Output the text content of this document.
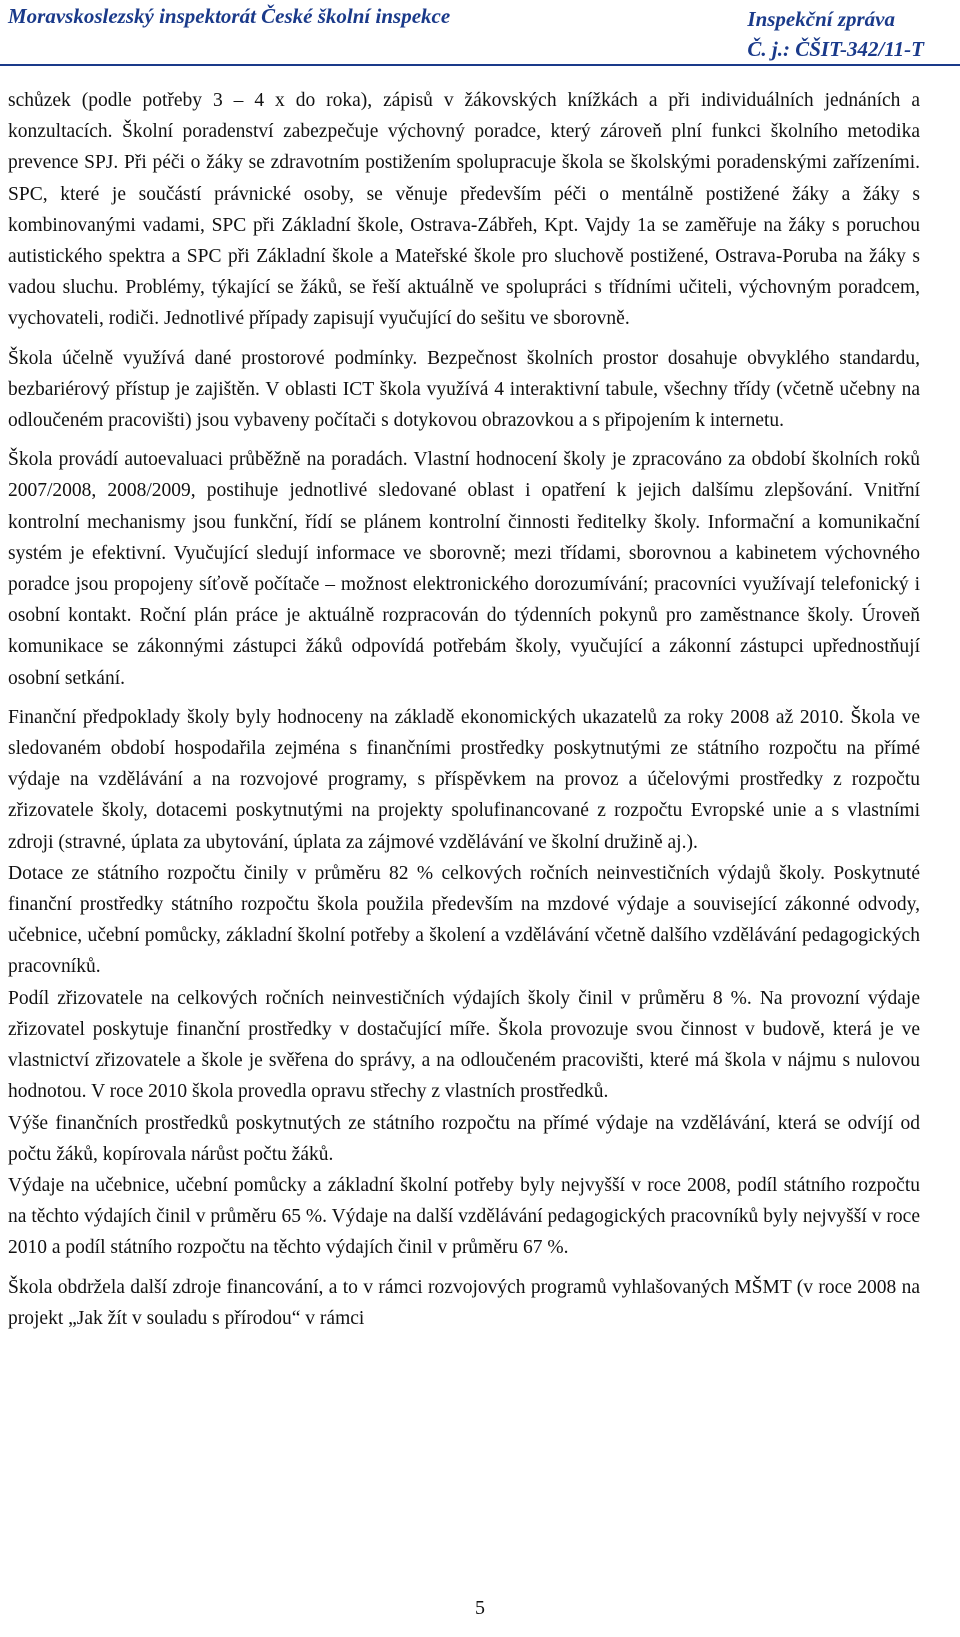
Moravskoslezský inspektorát České školní inspekce	Inspekční zpráva
Č. j.: ČŠIT-342/11-T

schůzek (podle potřeby 3 – 4 x do roka), zápisů v žákovských knížkách a při individuálních jednáních a konzultacích. Školní poradenství zabezpečuje výchovný poradce, který zároveň plní funkci školního metodika prevence SPJ. Při péči o žáky se zdravotním postižením spolupracuje škola se školskými poradenskými zařízeními. SPC, které je součástí právnické osoby, se věnuje především péči o mentálně postižené žáky a žáky s kombinovanými vadami, SPC při Základní škole, Ostrava-Zábřeh, Kpt. Vajdy 1a se zaměřuje na žáky s poruchou autistického spektra a SPC při Základní škole a Mateřské škole pro sluchově postižené, Ostrava-Poruba na žáky s vadou sluchu. Problémy, týkající se žáků, se řeší aktuálně ve spolupráci s třídními učiteli, výchovným poradcem, vychovateli, rodiči. Jednotlivé případy zapisují vyučující do sešitu ve sborovně.

Škola účelně využívá dané prostorové podmínky. Bezpečnost školních prostor dosahuje obvyklého standardu, bezbariérový přístup je zajištěn. V oblasti ICT škola využívá 4 interaktivní tabule, všechny třídy (včetně učebny na odloučeném pracovišti) jsou vybaveny počítači s dotykovou obrazovkou a s připojením k internetu.

Škola provádí autoevaluaci průběžně na poradách. Vlastní hodnocení školy je zpracováno za období školních roků 2007/2008, 2008/2009, postihuje jednotlivé sledované oblast i opatření k jejich dalšímu zlepšování. Vnitřní kontrolní mechanismy jsou funkční, řídí se plánem kontrolní činnosti ředitelky školy. Informační a komunikační systém je efektivní. Vyučující sledují informace ve sborovně; mezi třídami, sborovnou a kabinetem výchovného poradce jsou propojeny síťově počítače – možnost elektronického dorozumívání; pracovníci využívají telefonický i osobní kontakt. Roční plán práce je aktuálně rozpracován do týdenních pokynů pro zaměstnance školy. Úroveň komunikace se zákonnými zástupci žáků odpovídá potřebám školy, vyučující a zákonní zástupci upřednostňují osobní setkání.

Finanční předpoklady školy byly hodnoceny na základě ekonomických ukazatelů za roky 2008 až 2010. Škola ve sledovaném období hospodařila zejména s finančními prostředky poskytnutými ze státního rozpočtu na přímé výdaje na vzdělávání a na rozvojové programy, s příspěvkem na provoz a účelovými prostředky z rozpočtu zřizovatele školy, dotacemi poskytnutými na projekty spolufinancované z rozpočtu Evropské unie a s vlastními zdroji (stravné, úplata za ubytování, úplata za zájmové vzdělávání ve školní družině aj.).

Dotace ze státního rozpočtu činily v průměru 82 % celkových ročních neinvestičních výdajů školy. Poskytnuté finanční prostředky státního rozpočtu škola použila především na mzdové výdaje a související zákonné odvody, učebnice, učební pomůcky, základní školní potřeby a školení a vzdělávání včetně dalšího vzdělávání pedagogických pracovníků.

Podíl zřizovatele na celkových ročních neinvestičních výdajích školy činil v průměru 8 %. Na provozní výdaje zřizovatel poskytuje finanční prostředky v dostačující míře. Škola provozuje svou činnost v budově, která je ve vlastnictví zřizovatele a škole je svěřena do správy, a na odloučeném pracovišti, které má škola v nájmu s nulovou hodnotou. V roce 2010 škola provedla opravu střechy z vlastních prostředků.

Výše finančních prostředků poskytnutých ze státního rozpočtu na přímé výdaje na vzdělávání, která se odvíjí od počtu žáků, kopírovala nárůst počtu žáků.

Výdaje na učebnice, učební pomůcky a základní školní potřeby byly nejvyšší v roce 2008, podíl státního rozpočtu na těchto výdajích činil v průměru 65 %. Výdaje na další vzdělávání pedagogických pracovníků byly nejvyšší v roce 2010 a podíl státního rozpočtu na těchto výdajích činil v průměru 67 %.

Škola obdržela další zdroje financování, a to v rámci rozvojových programů vyhlašovaných MŠMT (v roce 2008 na projekt „Jak žít v souladu s přírodou“ v rámci

5
